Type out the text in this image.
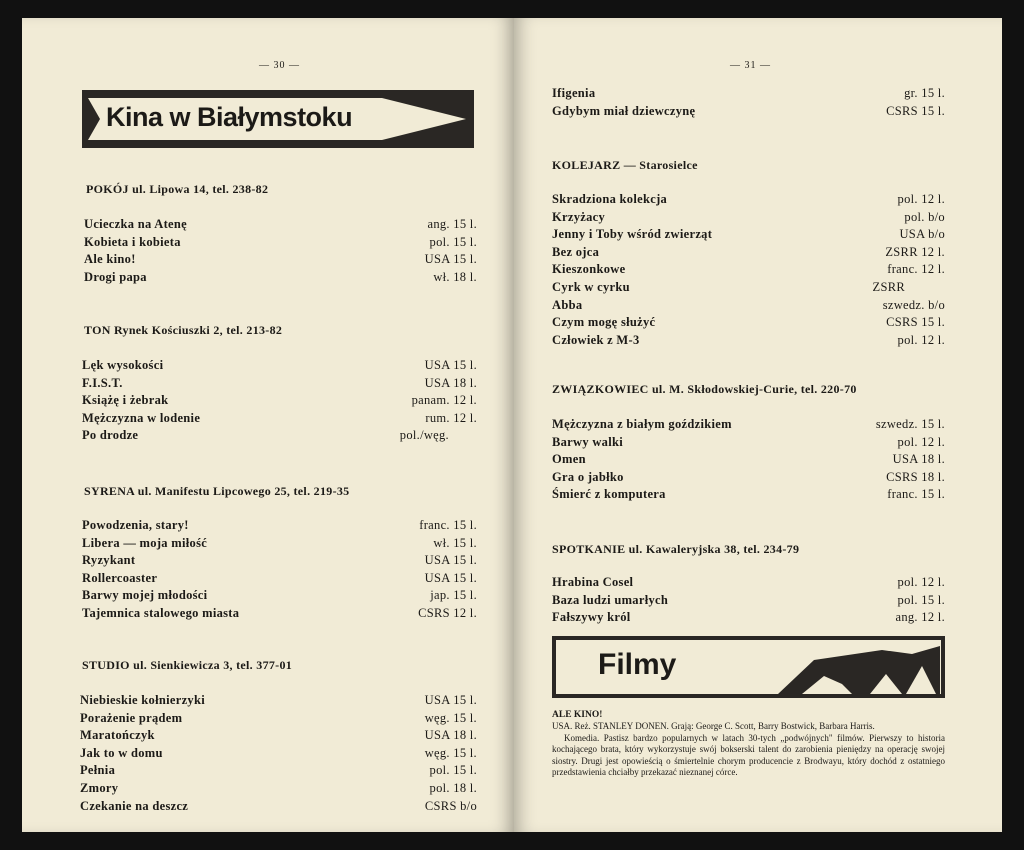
— 30 —
Kina w Białymstoku
POKÓJ ul. Lipowa 14, tel. 238-82
Ucieczka na Atenę	ang. 15 l.
Kobieta i kobieta	pol. 15 l.
Ale kino!	USA 15 l.
Drogi papa	wł. 18 l.
TON Rynek Kościuszki 2, tel. 213-82
Lęk wysokości	USA 15 l.
F.I.S.T.	USA 18 l.
Książę i żebrak	panam. 12 l.
Mężczyzna w lodenie	rum. 12 l.
Po drodze	pol./węg.
SYRENA ul. Manifestu Lipcowego 25, tel. 219-35
Powodzenia, stary!	franc. 15 l.
Libera — moja miłość	wł. 15 l.
Ryzykant	USA 15 l.
Rollercoaster	USA 15 l.
Barwy mojej młodości	jap. 15 l.
Tajemnica stalowego miasta	CSRS 12 l.
STUDIO ul. Sienkiewicza 3, tel. 377-01
Niebieskie kołnierzyki	USA 15 l.
Porażenie prądem	węg. 15 l.
Maratończyk	USA 18 l.
Jak to w domu	węg. 15 l.
Pełnia	pol. 15 l.
Zmory	pol. 18 l.
Czekanie na deszcz	CSRS b/o
— 31 —
Ifigenia	gr. 15 l.
Gdybym miał dziewczynę	CSRS 15 l.
KOLEJARZ — Starosielce
Skradziona kolekcja	pol. 12 l.
Krzyżacy	pol. b/o
Jenny i Toby wśród zwierząt	USA b/o
Bez ojca	ZSRR 12 l.
Kieszonkowe	franc. 12 l.
Cyrk w cyrku	ZSRR
Abba	szwedz. b/o
Czym mogę służyć	CSRS 15 l.
Człowiek z M-3	pol. 12 l.
ZWIĄZKOWIEC ul. M. Skłodowskiej-Curie, tel. 220-70
Mężczyzna z białym goździkiem	szwedz. 15 l.
Barwy walki	pol. 12 l.
Omen	USA 18 l.
Gra o jabłko	CSRS 18 l.
Śmierć z komputera	franc. 15 l.
SPOTKANIE ul. Kawaleryjska 38, tel. 234-79
Hrabina Cosel	pol. 12 l.
Baza ludzi umarłych	pol. 15 l.
Fałszywy król	ang. 12 l.
Filmy

ALE KINO!

USA. Reż. STANLEY DONEN. Grają: George C. Scott, Barry Bostwick, Barbara Harris.

Komedia. Pastisz bardzo popularnych w latach 30-tych „podwójnych" filmów. Pierwszy to historia kochającego brata, który wykorzystuje swój bokserski talent do zarobienia pieniędzy na operację swojej siostry. Drugi jest opowieścią o śmiertelnie chorym producencie z Brodwayu, który dochód z ostatniego przedstawienia chciałby przekazać nieznanej córce.
